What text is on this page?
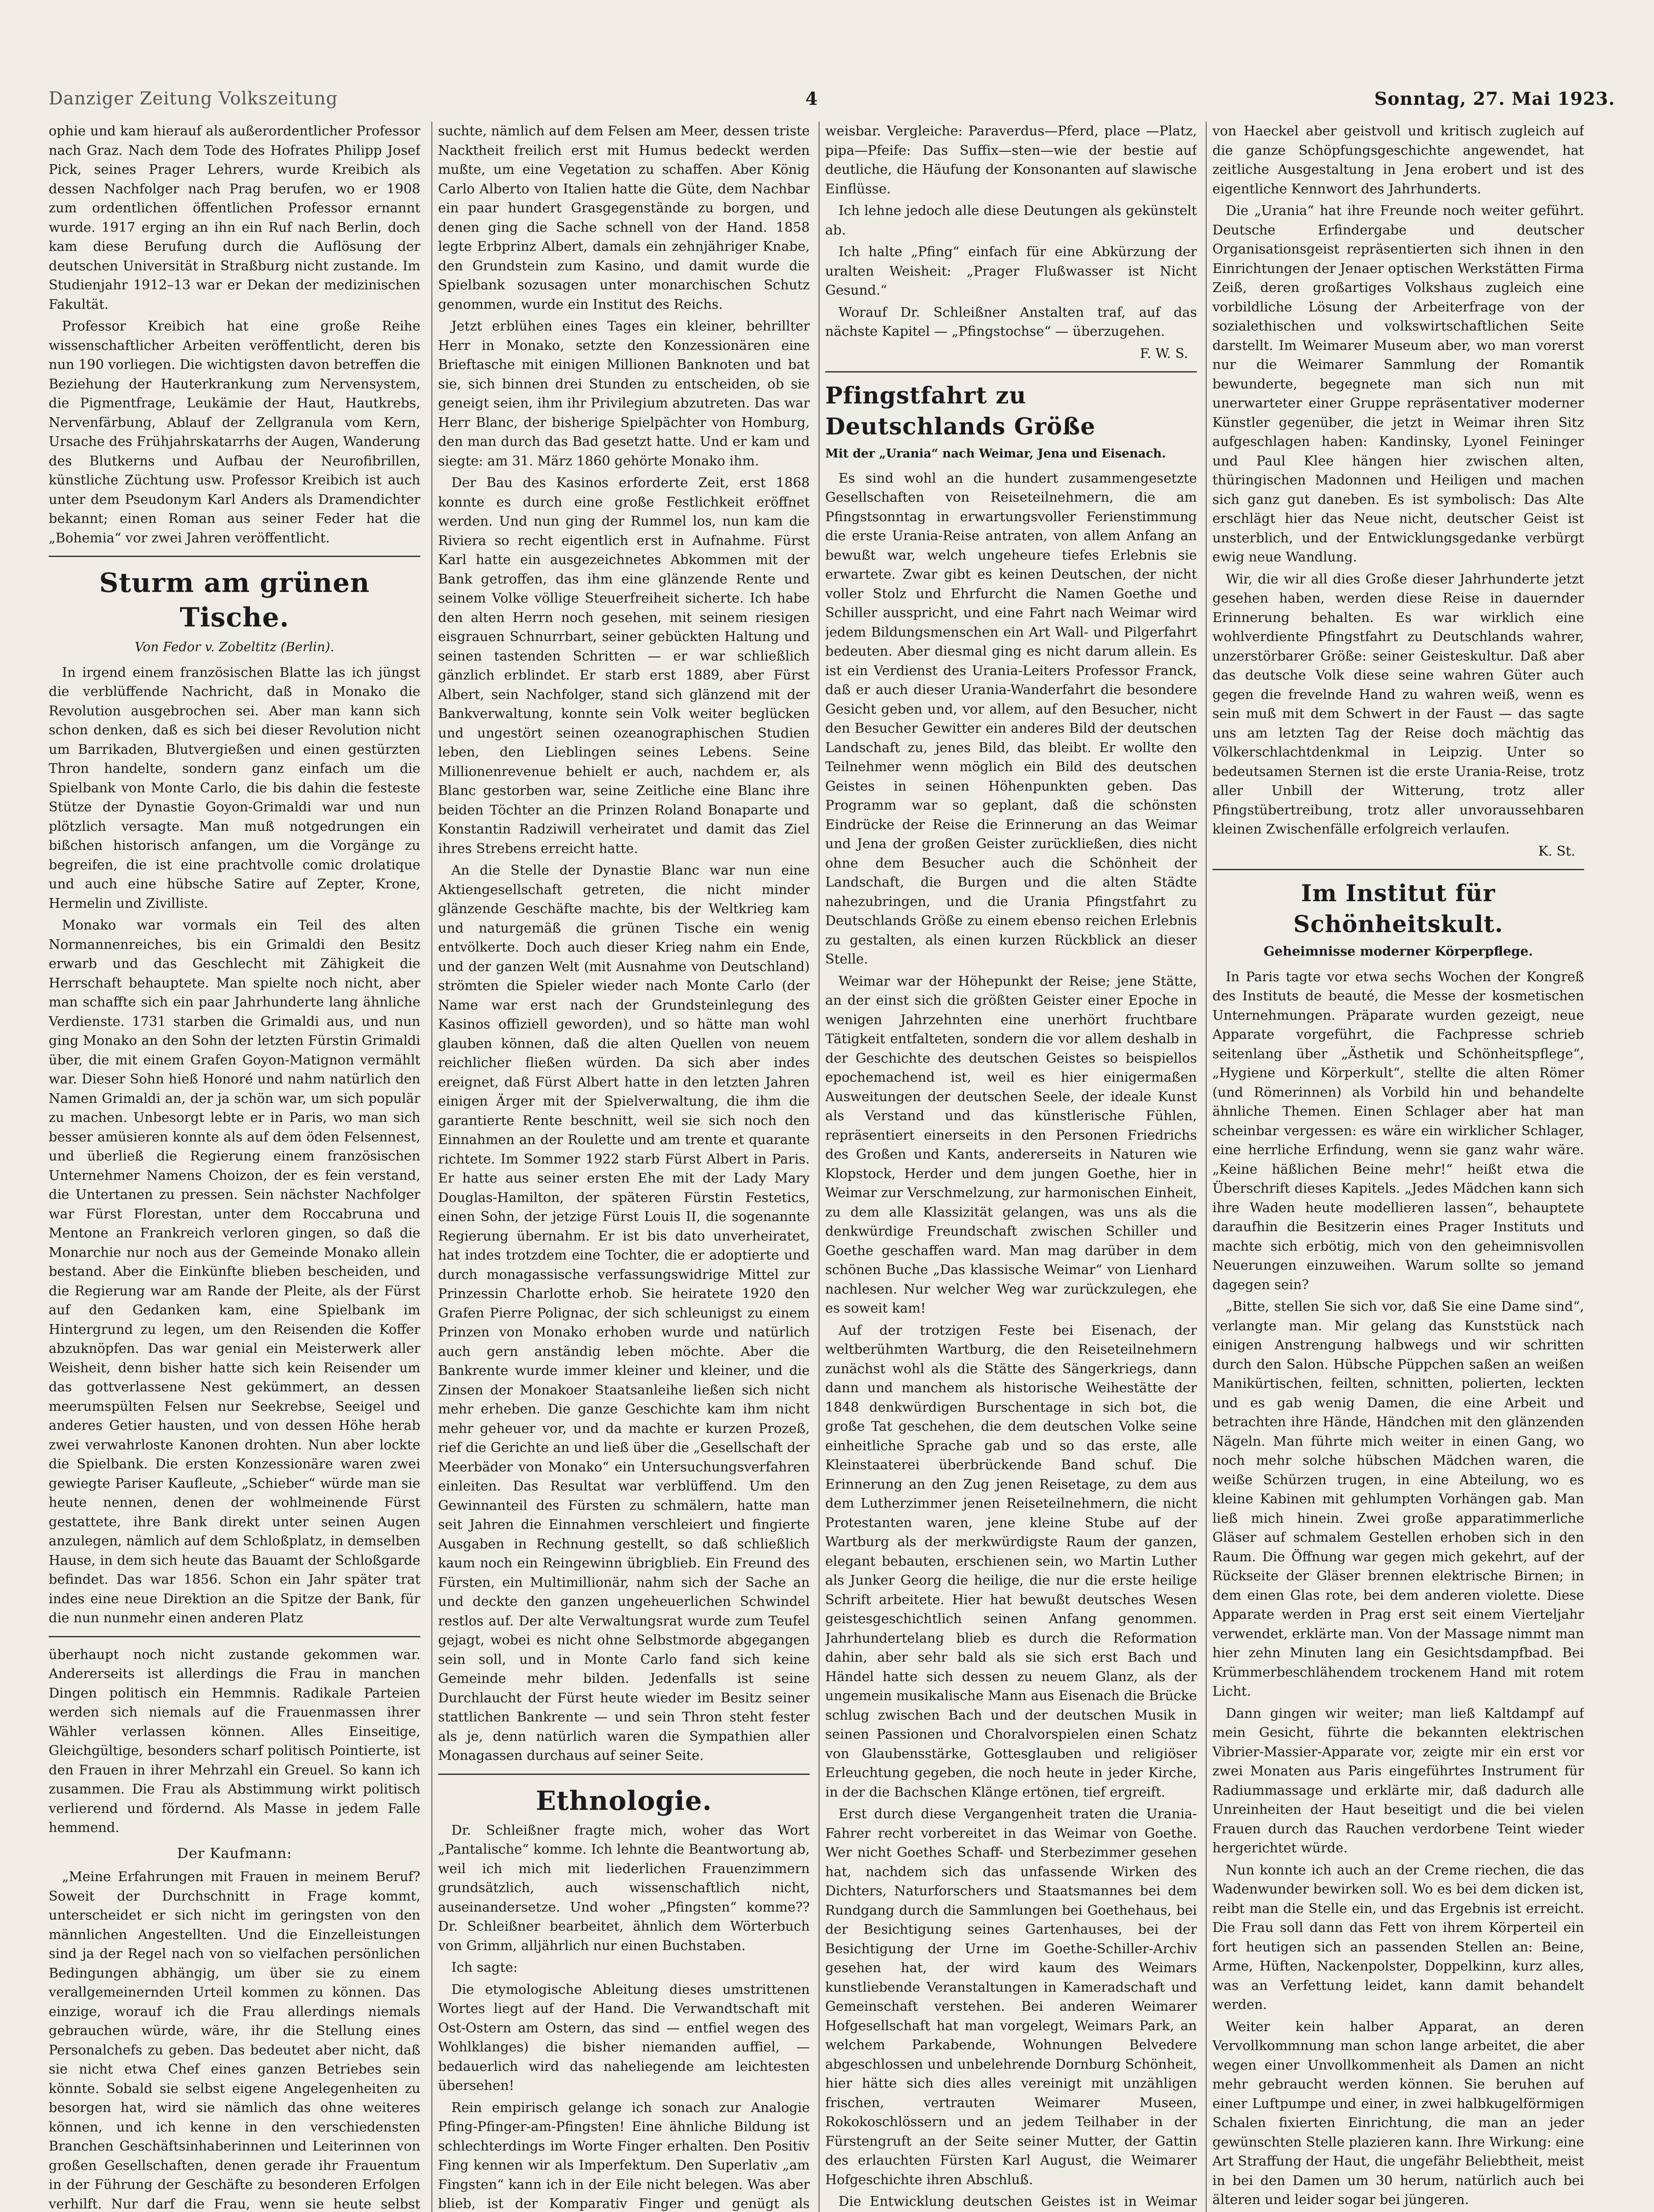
Danziger Zeitung Volkszeitung	4	Sonntag, 27. Mai 1923.

ophie und kam hierauf als außerordentlicher Professor nach Graz. Nach dem Tode des Hofrates Philipp Josef Pick, seines Prager Lehrers, wurde Kreibich als dessen Nachfolger nach Prag berufen, wo er 1908 zum ordentlichen öffentlichen Professor ernannt wurde. 1917 erging an ihn ein Ruf nach Berlin, doch kam diese Berufung durch die Auflösung der deutschen Universität in Straßburg nicht zustande. Im Studienjahr 1912–13 war er Dekan der medizinischen Fakultät.

Professor Kreibich hat eine große Reihe wissenschaftlicher Arbeiten veröffentlicht, deren bis nun 190 vorliegen. Die wichtigsten davon betreffen die Beziehung der Hauterkrankung zum Nervensystem, die Pigmentfrage, Leukämie der Haut, Hautkrebs, Nervenfärbung, Ablauf der Zellgranula vom Kern, Ursache des Frühjahrskatarrhs der Augen, Wanderung des Blutkerns und Aufbau der Neurofibrillen, künstliche Züchtung usw. Professor Kreibich ist auch unter dem Pseudonym Karl Anders als Dramendichter bekannt; einen Roman aus seiner Feder hat die „Bohemia“ vor zwei Jahren veröffentlicht.

Sturm am grünen Tische.
Von Fedor v. Zobeltitz (Berlin).

In irgend einem französischen Blatte las ich jüngst die verblüffende Nachricht, daß in Monako die Revolution ausgebrochen sei. Aber man kann sich schon denken, daß es sich bei dieser Revolution nicht um Barrikaden, Blutvergießen und einen gestürzten Thron handelte, sondern ganz einfach um die Spielbank von Monte Carlo, die bis dahin die festeste Stütze der Dynastie Goyon-Grimaldi war und nun plötzlich versagte. Man muß notgedrungen ein bißchen historisch anfangen, um die Vorgänge zu begreifen, die ist eine prachtvolle comic drolatique und auch eine hübsche Satire auf Zepter, Krone, Hermelin und Zivilliste.

Monako war vormals ein Teil des alten Normannenreiches, bis ein Grimaldi den Besitz erwarb und das Geschlecht mit Zähigkeit die Herrschaft behauptete. Man spielte noch nicht, aber man schaffte sich ein paar Jahrhunderte lang ähnliche Verdienste. 1731 starben die Grimaldi aus, und nun ging Monako an den Sohn der letzten Fürstin Grimaldi über, die mit einem Grafen Goyon-Matignon vermählt war. Dieser Sohn hieß Honoré und nahm natürlich den Namen Grimaldi an, der ja schön war, um sich populär zu machen. Unbesorgt lebte er in Paris, wo man sich besser amüsieren konnte als auf dem öden Felsennest, und überließ die Regierung einem französischen Unternehmer Namens Choizon, der es fein verstand, die Untertanen zu pressen. Sein nächster Nachfolger war Fürst Florestan, unter dem Roccabruna und Mentone an Frankreich verloren gingen, so daß die Monarchie nur noch aus der Gemeinde Monako allein bestand. Aber die Einkünfte blieben bescheiden, und die Regierung war am Rande der Pleite, als der Fürst auf den Gedanken kam, eine Spielbank im Hintergrund zu legen, um den Reisenden die Koffer abzuknöpfen. Das war genial ein Meisterwerk aller Weisheit, denn bisher hatte sich kein Reisender um das gottverlassene Nest gekümmert, an dessen meerumspülten Felsen nur Seekrebse, Seeigel und anderes Getier hausten, und von dessen Höhe herab zwei verwahrloste Kanonen drohten. Nun aber lockte die Spielbank. Die ersten Konzessionäre waren zwei gewiegte Pariser Kaufleute, „Schieber“ würde man sie heute nennen, denen der wohlmeinende Fürst gestattete, ihre Bank direkt unter seinen Augen anzulegen, nämlich auf dem Schloßplatz, in demselben Hause, in dem sich heute das Bauamt der Schloßgarde befindet. Das war 1856. Schon ein Jahr später trat indes eine neue Direktion an die Spitze der Bank, für die nun nunmehr einen anderen Platz

überhaupt noch nicht zustande gekommen war. Andererseits ist allerdings die Frau in manchen Dingen politisch ein Hemmnis. Radikale Parteien werden sich niemals auf die Frauenmassen ihrer Wähler verlassen können. Alles Einseitige, Gleichgültige, besonders scharf politisch Pointierte, ist den Frauen in ihrer Mehrzahl ein Greuel. So kann ich zusammen. Die Frau als Abstimmung wirkt politisch verlierend und fördernd. Als Masse in jedem Falle hemmend.

Der Kaufmann:

„Meine Erfahrungen mit Frauen in meinem Beruf? Soweit der Durchschnitt in Frage kommt, unterscheidet er sich nicht im geringsten von den männlichen Angestellten. Und die Einzelleistungen sind ja der Regel nach von so vielfachen persönlichen Bedingungen abhängig, um über sie zu einem verallgemeinernden Urteil kommen zu können. Das einzige, worauf ich die Frau allerdings niemals gebrauchen würde, wäre, ihr die Stellung eines Personalchefs zu geben. Das bedeutet aber nicht, daß sie nicht etwa Chef eines ganzen Betriebes sein könnte. Sobald sie selbst eigene Angelegenheiten zu besorgen hat, wird sie nämlich das ohne weiteres können, und ich kenne in den verschiedensten Branchen Geschäftsinhaberinnen und Leiterinnen von großen Gesellschaften, denen gerade ihr Frauentum in der Führung der Geschäfte zu besonderen Erfolgen verhilft. Nur darf die Frau, wenn sie heute selbst

suchte, nämlich auf dem Felsen am Meer, dessen triste Nacktheit freilich erst mit Humus bedeckt werden mußte, um eine Vegetation zu schaffen. Aber König Carlo Alberto von Italien hatte die Güte, dem Nachbar ein paar hundert Grasgegenstände zu borgen, und denen ging die Sache schnell von der Hand. 1858 legte Erbprinz Albert, damals ein zehnjähriger Knabe, den Grundstein zum Kasino, und damit wurde die Spielbank sozusagen unter monarchischen Schutz genommen, wurde ein Institut des Reichs.

Jetzt erblühen eines Tages ein kleiner, behrillter Herr in Monako, setzte den Konzessionären eine Brieftasche mit einigen Millionen Banknoten und bat sie, sich binnen drei Stunden zu entscheiden, ob sie geneigt seien, ihm ihr Privilegium abzutreten. Das war Herr Blanc, der bisherige Spielpächter von Homburg, den man durch das Bad gesetzt hatte. Und er kam und siegte: am 31. März 1860 gehörte Monako ihm.

Der Bau des Kasinos erforderte Zeit, erst 1868 konnte es durch eine große Festlichkeit eröffnet werden. Und nun ging der Rummel los, nun kam die Riviera so recht eigentlich erst in Aufnahme. Fürst Karl hatte ein ausgezeichnetes Abkommen mit der Bank getroffen, das ihm eine glänzende Rente und seinem Volke völlige Steuerfreiheit sicherte. Ich habe den alten Herrn noch gesehen, mit seinem riesigen eisgrauen Schnurrbart, seiner gebückten Haltung und seinen tastenden Schritten — er war schließlich gänzlich erblindet. Er starb erst 1889, aber Fürst Albert, sein Nachfolger, stand sich glänzend mit der Bankverwaltung, konnte sein Volk weiter beglücken und ungestört seinen ozeanographischen Studien leben, den Lieblingen seines Lebens. Seine Millionenrevenue behielt er auch, nachdem er, als Blanc gestorben war, seine Zeitliche eine Blanc ihre beiden Töchter an die Prinzen Roland Bonaparte und Konstantin Radziwill verheiratet und damit das Ziel ihres Strebens erreicht hatte.

An die Stelle der Dynastie Blanc war nun eine Aktiengesellschaft getreten, die nicht minder glänzende Geschäfte machte, bis der Weltkrieg kam und naturgemäß die grünen Tische ein wenig entvölkerte. Doch auch dieser Krieg nahm ein Ende, und der ganzen Welt (mit Ausnahme von Deutschland) strömten die Spieler wieder nach Monte Carlo (der Name war erst nach der Grundsteinlegung des Kasinos offiziell geworden), und so hätte man wohl glauben können, daß die alten Quellen von neuem reichlicher fließen würden. Da sich aber indes ereignet, daß Fürst Albert hatte in den letzten Jahren einigen Ärger mit der Spielverwaltung, die ihm die garantierte Rente beschnitt, weil sie sich noch den Einnahmen an der Roulette und am trente et quarante richtete. Im Sommer 1922 starb Fürst Albert in Paris. Er hatte aus seiner ersten Ehe mit der Lady Mary Douglas-Hamilton, der späteren Fürstin Festetics, einen Sohn, der jetzige Fürst Louis II, die sogenannte Regierung übernahm. Er ist bis dato unverheiratet, hat indes trotzdem eine Tochter, die er adoptierte und durch monagassische verfassungswidrige Mittel zur Prinzessin Charlotte erhob. Sie heiratete 1920 den Grafen Pierre Polignac, der sich schleunigst zu einem Prinzen von Monako erhoben wurde und natürlich auch gern anständig leben möchte. Aber die Bankrente wurde immer kleiner und kleiner, und die Zinsen der Monakoer Staatsanleihe ließen sich nicht mehr erheben. Die ganze Geschichte kam ihm nicht mehr geheuer vor, und da machte er kurzen Prozeß, rief die Gerichte an und ließ über die „Gesellschaft der Meerbäder von Monako“ ein Untersuchungsverfahren einleiten. Das Resultat war verblüffend. Um den Gewinnanteil des Fürsten zu schmälern, hatte man seit Jahren die Einnahmen verschleiert und fingierte Ausgaben in Rechnung gestellt, so daß schließlich kaum noch ein Reingewinn übrigblieb. Ein Freund des Fürsten, ein Multimillionär, nahm sich der Sache an und deckte den ganzen ungeheuerlichen Schwindel restlos auf. Der alte Verwaltungsrat wurde zum Teufel gejagt, wobei es nicht ohne Selbstmorde abgegangen sein soll, und in Monte Carlo fand sich keine Gemeinde mehr bilden. Jedenfalls ist seine Durchlaucht der Fürst heute wieder im Besitz seiner stattlichen Bankrente — und sein Thron steht fester als je, denn natürlich waren die Sympathien aller Monagassen durchaus auf seiner Seite.

Ethnologie.

Dr. Schleißner fragte mich, woher das Wort „Pantalische“ komme. Ich lehnte die Beantwortung ab, weil ich mich mit liederlichen Frauenzimmern grundsätzlich, auch wissenschaftlich nicht, auseinandersetze. Und woher „Pfingsten“ komme?? Dr. Schleißner bearbeitet, ähnlich dem Wörterbuch von Grimm, alljährlich nur einen Buchstaben.

Ich sagte:

Die etymologische Ableitung dieses umstrittenen Wortes liegt auf der Hand. Die Verwandtschaft mit Ost-Ostern am Ostern, das sind — entfiel wegen des Wohlklanges) die bisher niemanden auffiel, — bedauerlich wird das naheliegende am leichtesten übersehen!

Rein empirisch gelange ich sonach zur Analogie Pfing-Pfinger-am-Pfingsten! Eine ähnliche Bildung ist schlechterdings im Worte Finger erhalten. Den Positiv Fing kennen wir als Imperfektum. Den Superlativ „am Fingsten“ kann ich in der Eile nicht belegen. Was aber blieb, ist der Komparativ Finger und genügt als

weisbar. Vergleiche: Paraverdus—Pferd, place —Platz, pipa—Pfeife: Das Suffix—sten—wie der bestie auf deutliche, die Häufung der Konsonanten auf slawische Einflüsse.

Ich lehne jedoch alle diese Deutungen als gekünstelt ab.

Ich halte „Pfing“ einfach für eine Abkürzung der uralten Weisheit: „Prager Flußwasser ist Nicht Gesund.“

Worauf Dr. Schleißner Anstalten traf, auf das nächste Kapitel — „Pfingstochse“ — überzugehen.

F. W. S.

Pfingstfahrt zu Deutschlands Größe
Mit der „Urania“ nach Weimar, Jena und Eisenach.

Es sind wohl an die hundert zusammengesetzte Gesellschaften von Reiseteilnehmern, die am Pfingstsonntag in erwartungsvoller Ferienstimmung die erste Urania-Reise antraten, von allem Anfang an bewußt war, welch ungeheure tiefes Erlebnis sie erwartete. Zwar gibt es keinen Deutschen, der nicht voller Stolz und Ehrfurcht die Namen Goethe und Schiller ausspricht, und eine Fahrt nach Weimar wird jedem Bildungsmenschen ein Art Wall- und Pilgerfahrt bedeuten. Aber diesmal ging es nicht darum allein. Es ist ein Verdienst des Urania-Leiters Professor Franck, daß er auch dieser Urania-Wanderfahrt die besondere Gesicht geben und, vor allem, auf den Besucher, nicht den Besucher Gewitter ein anderes Bild der deutschen Landschaft zu, jenes Bild, das bleibt. Er wollte den Teilnehmer wenn möglich ein Bild des deutschen Geistes in seinen Höhenpunkten geben. Das Programm war so geplant, daß die schönsten Eindrücke der Reise die Erinnerung an das Weimar und Jena der großen Geister zurückließen, dies nicht ohne dem Besucher auch die Schönheit der Landschaft, die Burgen und die alten Städte nahezubringen, und die Urania Pfingstfahrt zu Deutschlands Größe zu einem ebenso reichen Erlebnis zu gestalten, als einen kurzen Rückblick an dieser Stelle.

Weimar war der Höhepunkt der Reise; jene Stätte, an der einst sich die größten Geister einer Epoche in wenigen Jahrzehnten eine unerhört fruchtbare Tätigkeit entfalteten, sondern die vor allem deshalb in der Geschichte des deutschen Geistes so beispiellos epochemachend ist, weil es hier einigermaßen Ausweitungen der deutschen Seele, der ideale Kunst als Verstand und das künstlerische Fühlen, repräsentiert einerseits in den Personen Friedrichs des Großen und Kants, andererseits in Naturen wie Klopstock, Herder und dem jungen Goethe, hier in Weimar zur Verschmelzung, zur harmonischen Einheit, zu dem alle Klassizität gelangen, was uns als die denkwürdige Freundschaft zwischen Schiller und Goethe geschaffen ward. Man mag darüber in dem schönen Buche „Das klassische Weimar“ von Lienhard nachlesen. Nur welcher Weg war zurückzulegen, ehe es soweit kam!

Auf der trotzigen Feste bei Eisenach, der weltberühmten Wartburg, die den Reiseteilnehmern zunächst wohl als die Stätte des Sängerkriegs, dann dann und manchem als historische Weihestätte der 1848 denkwürdigen Burschentage in sich bot, die große Tat geschehen, die dem deutschen Volke seine einheitliche Sprache gab und so das erste, alle Kleinstaaterei überbrückende Band schuf. Die Erinnerung an den Zug jenen Reisetage, zu dem aus dem Lutherzimmer jenen Reiseteilnehmern, die nicht Protestanten waren, jene kleine Stube auf der Wartburg als der merkwürdigste Raum der ganzen, elegant bebauten, erschienen sein, wo Martin Luther als Junker Georg die heilige, die nur die erste heilige Schrift arbeitete. Hier hat bewußt deutsches Wesen geistesgeschichtlich seinen Anfang genommen. Jahrhundertelang blieb es durch die Reformation dahin, aber sehr bald als sie sich erst Bach und Händel hatte sich dessen zu neuem Glanz, als der ungemein musikalische Mann aus Eisenach die Brücke schlug zwischen Bach und der deutschen Musik in seinen Passionen und Choralvorspielen einen Schatz von Glaubensstärke, Gottesglauben und religiöser Erleuchtung gegeben, die noch heute in jeder Kirche, in der die Bachschen Klänge ertönen, tief ergreift.

Erst durch diese Vergangenheit traten die Urania-Fahrer recht vorbereitet in das Weimar von Goethe. Wer nicht Goethes Schaff- und Sterbezimmer gesehen hat, nachdem sich das unfassende Wirken des Dichters, Naturforschers und Staatsmannes bei dem Rundgang durch die Sammlungen bei Goethehaus, bei der Besichtigung seines Gartenhauses, bei der Besichtigung der Urne im Goethe-Schiller-Archiv gesehen hat, der wird kaum des Weimars kunstliebende Veranstaltungen in Kameradschaft und Gemeinschaft verstehen. Bei anderen Weimarer Hofgesellschaft hat man vorgelegt, Weimars Park, an welchem Parkabende, Wohnungen Belvedere abgeschlossen und unbelehrende Dornburg Schönheit, hier hätte sich dies alles vereinigt mit unzähligen frischen, vertrauten Weimarer Museen, Rokokoschlössern und an jedem Teilhaber in der Fürstengruft an der Seite seiner Mutter, der Gattin des erlauchten Fürsten Karl August, die Weimarer Hofgeschichte ihren Abschluß.

Die Entwicklung deutschen Geistes ist in Weimar

von Haeckel aber geistvoll und kritisch zugleich auf die ganze Schöpfungsgeschichte angewendet, hat zeitliche Ausgestaltung in Jena erobert und ist des eigentliche Kennwort des Jahrhunderts.

Die „Urania“ hat ihre Freunde noch weiter geführt. Deutsche Erfindergabe und deutscher Organisationsgeist repräsentierten sich ihnen in den Einrichtungen der Jenaer optischen Werkstätten Firma Zeiß, deren großartiges Volkshaus zugleich eine vorbildliche Lösung der Arbeiterfrage von der sozialethischen und volkswirtschaftlichen Seite darstellt. Im Weimarer Museum aber, wo man vorerst nur die Weimarer Sammlung der Romantik bewunderte, begegnete man sich nun mit unerwarteter einer Gruppe repräsentativer moderner Künstler gegenüber, die jetzt in Weimar ihren Sitz aufgeschlagen haben: Kandinsky, Lyonel Feininger und Paul Klee hängen hier zwischen alten, thüringischen Madonnen und Heiligen und machen sich ganz gut daneben. Es ist symbolisch: Das Alte erschlägt hier das Neue nicht, deutscher Geist ist unsterblich, und der Entwicklungsgedanke verbürgt ewig neue Wandlung.

Wir, die wir all dies Große dieser Jahrhunderte jetzt gesehen haben, werden diese Reise in dauernder Erinnerung behalten. Es war wirklich eine wohlverdiente Pfingstfahrt zu Deutschlands wahrer, unzerstörbarer Größe: seiner Geisteskultur. Daß aber das deutsche Volk diese seine wahren Güter auch gegen die frevelnde Hand zu wahren weiß, wenn es sein muß mit dem Schwert in der Faust — das sagte uns am letzten Tag der Reise doch mächtig das Völkerschlachtdenkmal in Leipzig. Unter so bedeutsamen Sternen ist die erste Urania-Reise, trotz aller Unbill der Witterung, trotz aller Pfingstübertreibung, trotz aller unvoraussehbaren kleinen Zwischenfälle erfolgreich verlaufen.

K. St.

Im Institut für Schönheitskult.
Geheimnisse moderner Körperpflege.

In Paris tagte vor etwa sechs Wochen der Kongreß des Instituts de beauté, die Messe der kosmetischen Unternehmungen. Präparate wurden gezeigt, neue Apparate vorgeführt, die Fachpresse schrieb seitenlang über „Ästhetik und Schönheitspflege“, „Hygiene und Körperkult“, stellte die alten Römer (und Römerinnen) als Vorbild hin und behandelte ähnliche Themen. Einen Schlager aber hat man scheinbar vergessen: es wäre ein wirklicher Schlager, eine herrliche Erfindung, wenn sie ganz wahr wäre. „Keine häßlichen Beine mehr!“ heißt etwa die Überschrift dieses Kapitels. „Jedes Mädchen kann sich ihre Waden heute modellieren lassen“, behauptete daraufhin die Besitzerin eines Prager Instituts und machte sich erbötig, mich von den geheimnisvollen Neuerungen einzuweihen. Warum sollte so jemand dagegen sein?

„Bitte, stellen Sie sich vor, daß Sie eine Dame sind“, verlangte man. Mir gelang das Kunststück nach einigen Anstrengung halbwegs und wir schritten durch den Salon. Hübsche Püppchen saßen an weißen Manikürtischen, feilten, schnitten, polierten, leckten und es gab wenig Damen, die eine Arbeit und betrachten ihre Hände, Händchen mit den glänzenden Nägeln. Man führte mich weiter in einen Gang, wo noch mehr solche hübschen Mädchen waren, die weiße Schürzen trugen, in eine Abteilung, wo es kleine Kabinen mit gehlumpten Vorhängen gab. Man ließ mich hinein. Zwei große apparatimmerliche Gläser auf schmalem Gestellen erhoben sich in den Raum. Die Öffnung war gegen mich gekehrt, auf der Rückseite der Gläser brennen elektrische Birnen; in dem einen Glas rote, bei dem anderen violette. Diese Apparate werden in Prag erst seit einem Vierteljahr verwendet, erklärte man. Von der Massage nimmt man hier zehn Minuten lang ein Gesichtsdampfbad. Bei Krümmerbeschlähendem trockenem Hand mit rotem Licht.

Dann gingen wir weiter; man ließ Kaltdampf auf mein Gesicht, führte die bekannten elektrischen Vibrier-Massier-Apparate vor, zeigte mir ein erst vor zwei Monaten aus Paris eingeführtes Instrument für Radiummassage und erklärte mir, daß dadurch alle Unreinheiten der Haut beseitigt und die bei vielen Frauen durch das Rauchen verdorbene Teint wieder hergerichtet würde.

Nun konnte ich auch an der Creme riechen, die das Wadenwunder bewirken soll. Wo es bei dem dicken ist, reibt man die Stelle ein, und das Ergebnis ist erreicht. Die Frau soll dann das Fett von ihrem Körperteil ein fort heutigen sich an passenden Stellen an: Beine, Arme, Hüften, Nackenpolster, Doppelkinn, kurz alles, was an Verfettung leidet, kann damit behandelt werden.

Weiter kein halber Apparat, an deren Vervollkommnung man schon lange arbeitet, die aber wegen einer Unvollkommenheit als Damen an nicht mehr gebraucht werden können. Sie beruhen auf einer Luftpumpe und einer, in zwei halbkugelförmigen Schalen fixierten Einrichtung, die man an jeder gewünschten Stelle plazieren kann. Ihre Wirkung: eine Art Straffung der Haut, die ungefähr Beliebtheit, meist in bei den Damen um 30 herum, natürlich auch bei älteren und leider sogar bei jüngeren.
